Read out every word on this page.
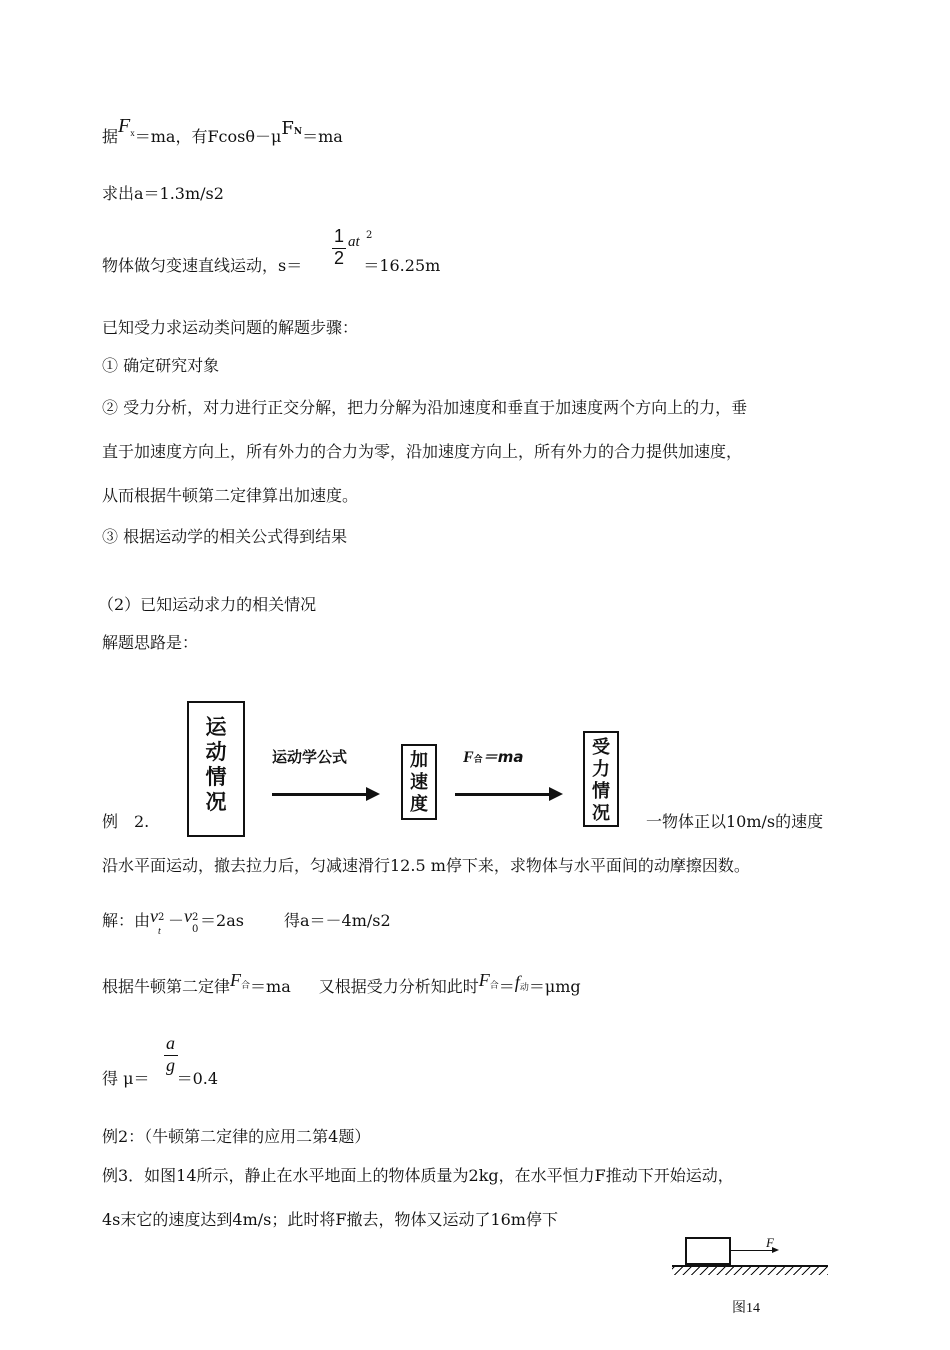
据$F^x=ma$，有$Fcos\theta-\mu F^N=ma$
求出a＝1.3m/s2
物体做匀变速直线运动，s＝
1
2
at 2
＝16.25m
已知受力求运动类问题的解题步骤：
① 确定研究对象
② 受力分析，对力进行正交分解，把力分解为沿加速度和垂直于加速度两个方向上的力，垂
直于加速度方向上，所有外力的合力为零，沿加速度方向上，所有外力的合力提供加速度，
从而根据牛顿第二定律算出加速度。
③ 根据运动学的相关公式得到结果
（2）已知运动求力的相关情况
解题思路是：
运
动
情
况
运动学公式	加
速
度
F合＝ma	受
力
情
况
例　2.	一物体正以10m/s的速度
沿水平面运动，撤去拉力后，匀减速滑行12.5 m停下来，求物体与水平面间的动摩擦因数。
解：由v 2
t
－v 2
0 ＝2as	得a＝－4m/s2
根据牛顿第二定律$F^合=ma$ 又根据受力分析知此时$F^合=f$动＝μmg
得 μ＝
a
g
＝0.4
例2：（牛顿第二定律的应用二第4题）
例3．如图14所示，静止在水平地面上的物体质量为2kg，在水平恒力F推动下开始运动，
4s末它的速度达到4m/s；此时将F撤去，物体又运动了16m停下
F
图14
